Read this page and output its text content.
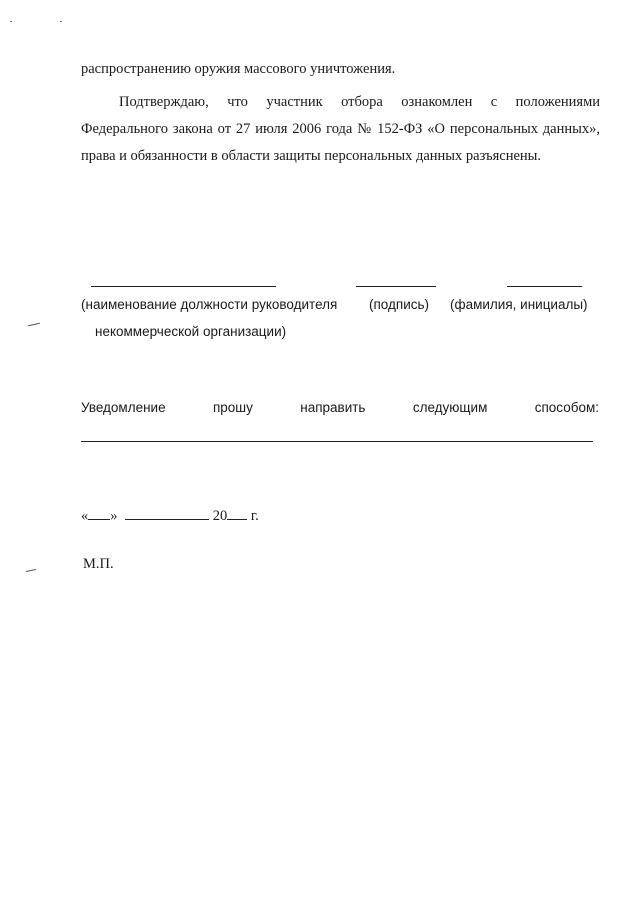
распространению оружия массового уничтожения.
Подтверждаю, что участник отбора ознакомлен с положениями Федерального закона от 27 июля 2006 года № 152-ФЗ «О персональных данных», права и обязанности в области защиты персональных данных разъяснены.
(наименование должности руководителя (подпись) (фамилия, инициалы)
некоммерческой организации)
Уведомление	прошу	направить	следующим	способом:
« »	20 г.
М.П.
